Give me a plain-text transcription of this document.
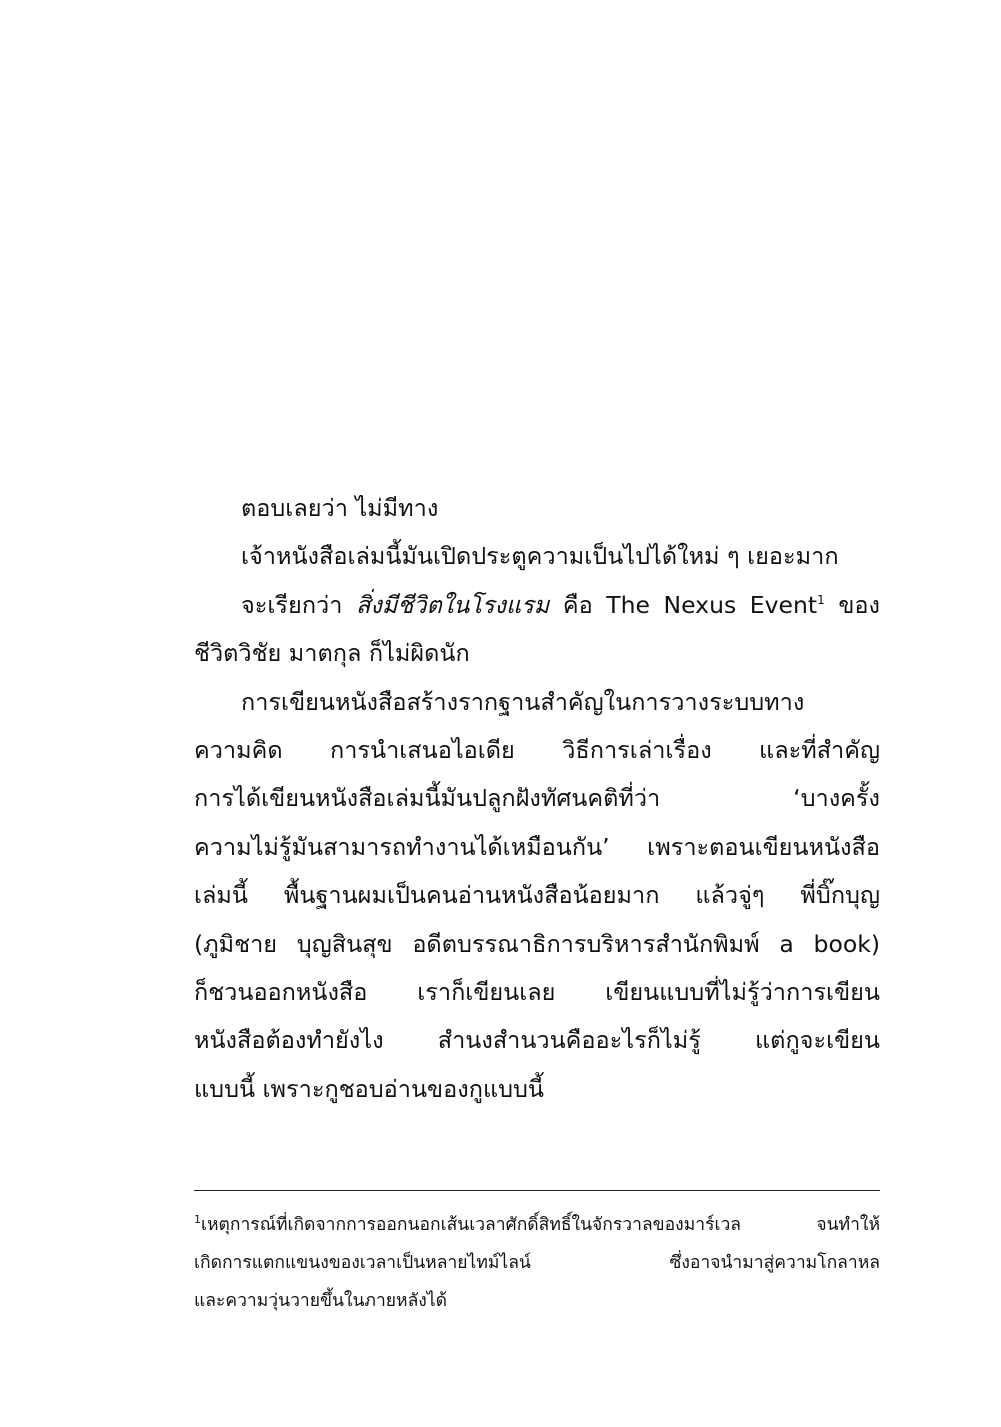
ตอบเลยว่า ไม่มีทาง
เจ้าหนังสือเล่มนี้มันเปิดประตูความเป็นไปได้ใหม่ ๆ เยอะมาก
จะเรียกว่า สิ่งมีชีวิตในโรงแรม คือ The Nexus Event$^1$ ของ
ชีวิตวิชัย มาตกุล ก็ไม่ผิดนัก
การเขียนหนังสือสร้างรากฐานสำคัญในการวางระบบทาง
ความคิด การนำเสนอไอเดีย วิธีการเล่าเรื่อง และที่สำคัญ
การได้เขียนหนังสือเล่มนี้มันปลูกฝังทัศนคติที่ว่า ‘บางครั้ง
ความไม่รู้มันสามารถทำงานได้เหมือนกัน’ เพราะตอนเขียนหนังสือ
เล่มนี้ พื้นฐานผมเป็นคนอ่านหนังสือน้อยมาก แล้วจู่ๆ พี่บิ๊กบุญ
(ภูมิชาย บุญสินสุข อดีตบรรณาธิการบริหารสำนักพิมพ์ a book)
ก็ชวนออกหนังสือ เราก็เขียนเลย เขียนแบบที่ไม่รู้ว่าการเขียน
หนังสือต้องทำยังไง สำนงสำนวนคืออะไรก็ไม่รู้ แต่กูจะเขียน
แบบนี้ เพราะกูชอบอ่านของกูแบบนี้
$^1$เหตุการณ์ที่เกิดจากการออกนอกเส้นเวลาศักดิ์สิทธิ์ในจักรวาลของมาร์เวล จนทำให้
เกิดการแตกแขนงของเวลาเป็นหลายไทม์ไลน์ ซึ่งอาจนำมาสู่ความโกลาหล
และความวุ่นวายขึ้นในภายหลังได้
